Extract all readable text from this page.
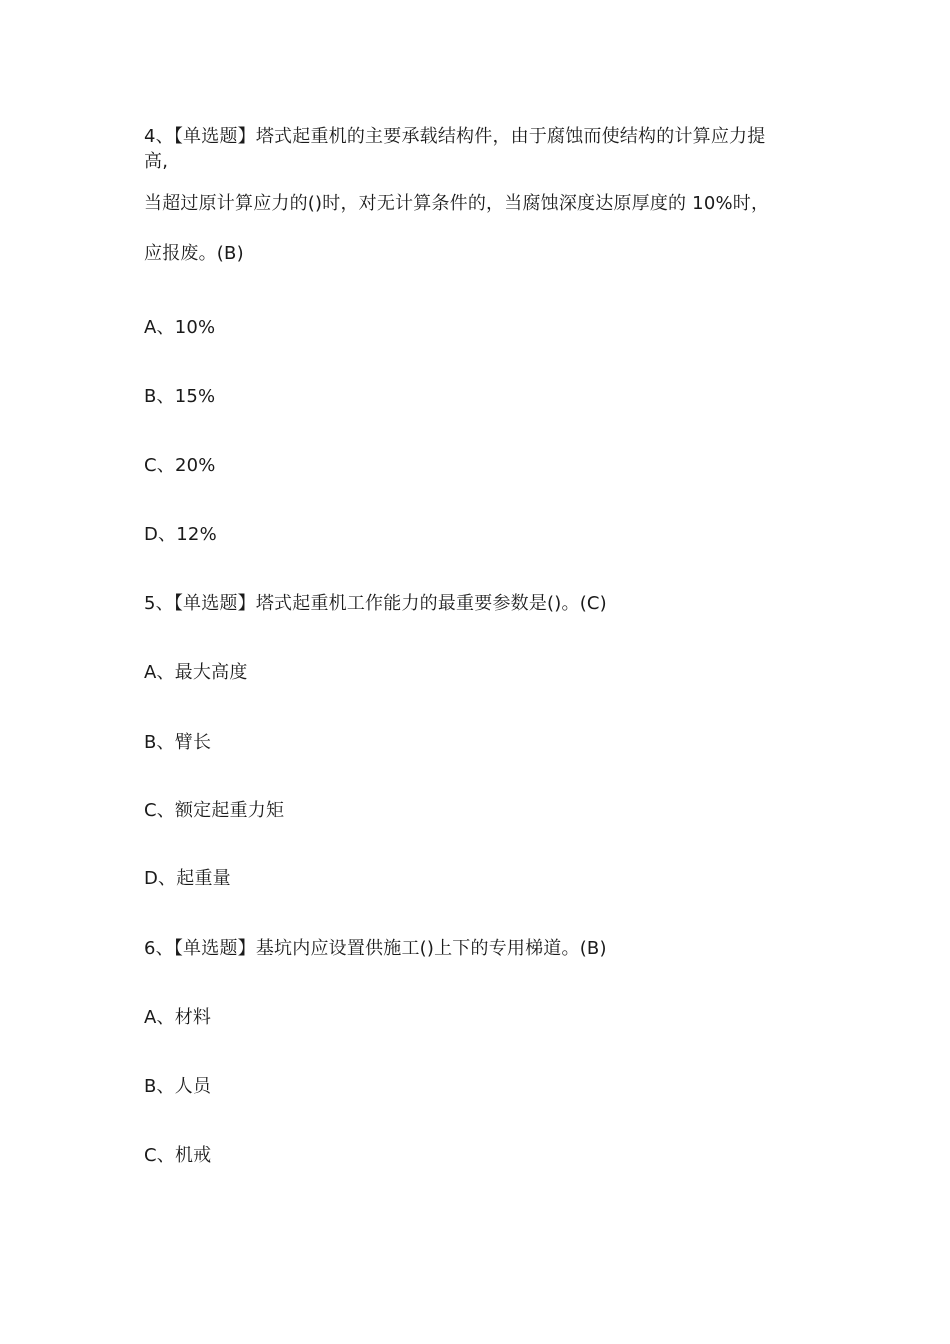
4、【单选题】塔式起重机的主要承载结构件，由于腐蚀而使结构的计算应力提
高,
当超过原计算应力的()时，对无计算条件的，当腐蚀深度达原厚度的 10%时，
应报废。(B)
A、10%
B、15%
C、20%
D、12%
5、【单选题】塔式起重机工作能力的最重要参数是()。(C)
A、最大高度
B、臂长
C、额定起重力矩
D、起重量
6、【单选题】基坑内应设置供施工()上下的专用梯道。(B)
A、材料
B、人员
C、机戒
